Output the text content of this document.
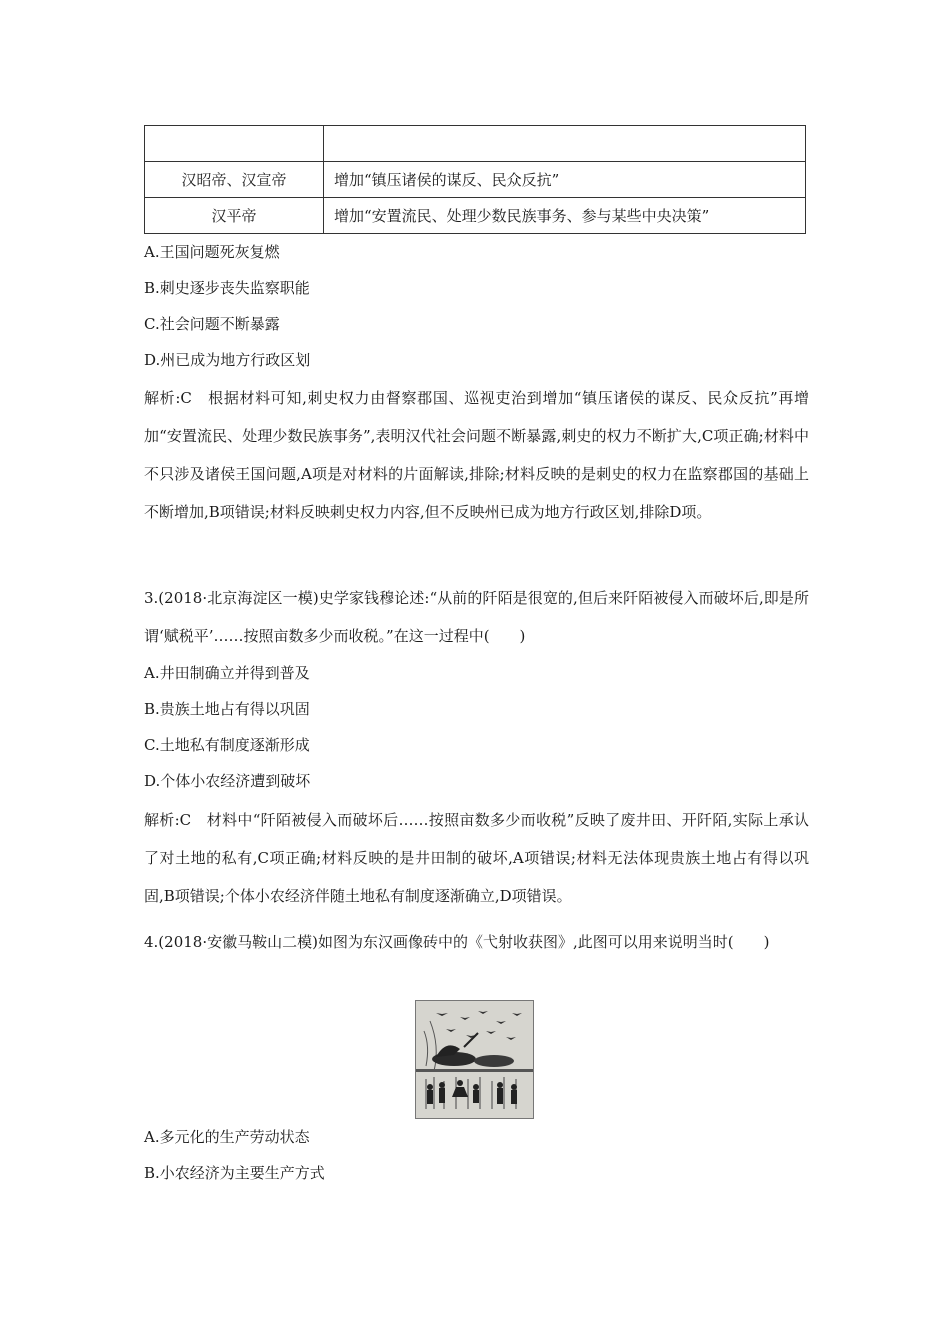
汉昭帝、汉宣帝	增加“镇压诸侯的谋反、民众反抗”
汉平帝	增加“安置流民、处理少数民族事务、参与某些中央决策”
A.王国问题死灰复燃
B.刺史逐步丧失监察职能
C.社会问题不断暴露
D.州已成为地方行政区划
解析:C　根据材料可知,刺史权力由督察郡国、巡视吏治到增加“镇压诸侯的谋反、民众反抗”再增加“安置流民、处理少数民族事务”,表明汉代社会问题不断暴露,刺史的权力不断扩大,C项正确;材料中不只涉及诸侯王国问题,A项是对材料的片面解读,排除;材料反映的是刺史的权力在监察郡国的基础上不断增加,B项错误;材料反映刺史权力内容,但不反映州已成为地方行政区划,排除D项。
3.(2018·北京海淀区一模)史学家钱穆论述:“从前的阡陌是很宽的,但后来阡陌被侵入而破坏后,即是所谓‘赋税平’……按照亩数多少而收税。”在这一过程中(　　)
A.井田制确立并得到普及
B.贵族土地占有得以巩固
C.土地私有制度逐渐形成
D.个体小农经济遭到破坏
解析:C　材料中“阡陌被侵入而破坏后……按照亩数多少而收税”反映了废井田、开阡陌,实际上承认了对土地的私有,C项正确;材料反映的是井田制的破坏,A项错误;材料无法体现贵族土地占有得以巩固,B项错误;个体小农经济伴随土地私有制度逐渐确立,D项错误。
4.(2018·安徽马鞍山二模)如图为东汉画像砖中的《弋射收获图》,此图可以用来说明当时(　　)
A.多元化的生产劳动状态
B.小农经济为主要生产方式
